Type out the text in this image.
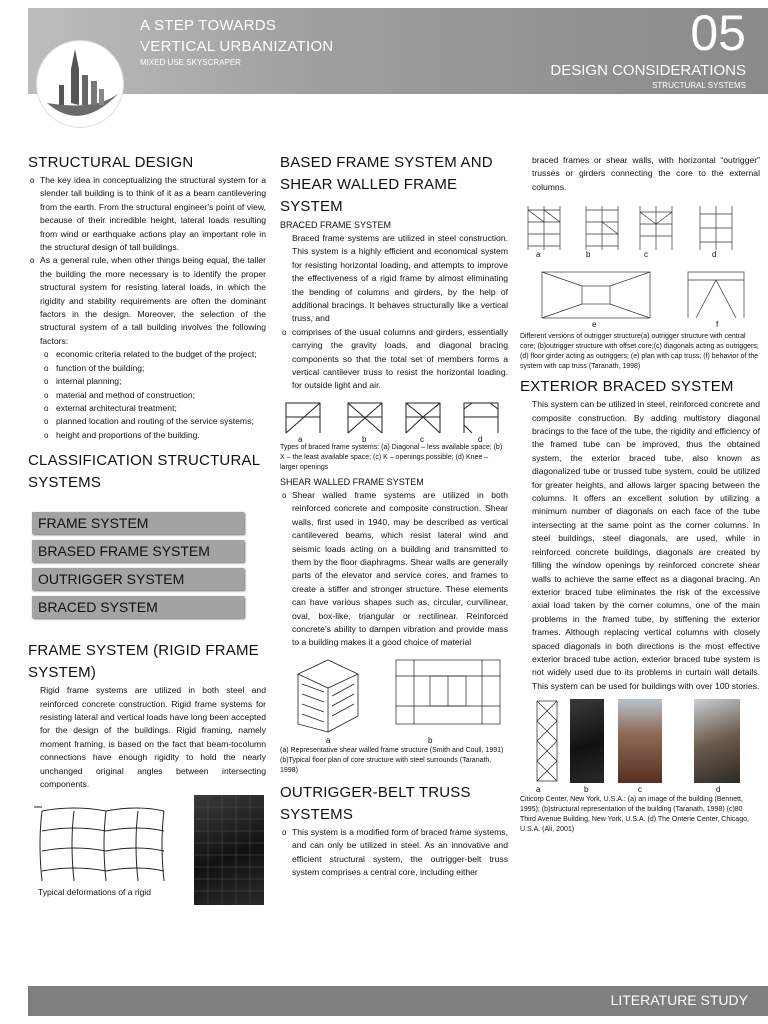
A STEP TOWARDS
VERTICAL URBANIZATION
MIXED USE SKYSCRAPER
05
DESIGN CONSIDERATIONS
STRUCTURAL SYSTEMS
STRUCTURAL DESIGN

o The key idea in conceptualizing the structural system for a slender tall building is to think of it as a beam cantilevering from the earth. From the structural engineer's point of view, because of their incredible height, lateral loads resulting from wind or earthquake actions play an important role in the structural design of tall buildings.

o As a general rule, when other things being equal, the taller the building the more necessary is to identify the proper structural system for resisting lateral loads, in which the rigidity and stability requirements are often the dominant factors in the design. Moreover, the selection of the structural system of a tall building involves the following factors:

o economic criteria related to the budget of the project;

o function of the building;

o internal planning;

o material and method of construction;

o external architectural treatment;

o planned location and routing of the service systems;

o height and proportions of the building.

CLASSIFICATION STRUCTURAL SYSTEMS
FRAME SYSTEM
BRASED FRAME SYSTEM
OUTRIGGER SYSTEM
BRACED SYSTEM
FRAME SYSTEM (RIGID FRAME SYSTEM)

Rigid frame systems are utilized in both steel and reinforced concrete construction. Rigid frame systems for resisting lateral and vertical loads have long been accepted for the design of the buildings. Rigid framing, namely moment framing, is based on the fact that beam-tocolumn connections have enough rigidity to hold the nearly unchanged original angles between intersecting components.

Typical deformations of a rigid

BASED FRAME SYSTEM AND SHEAR WALLED FRAME SYSTEM
BRACED FRAME SYSTEM

Braced frame systems are utilized in steel construction. This system is a highly efficient and economical system for resisting horizontal loading, and attempts to improve the effectiveness of a rigid frame by almost eliminating the bending of columns and girders, by the help of additional bracings. It behaves structurally like a vertical truss, and

o comprises of the usual columns and girders, essentially carrying the gravity loads, and diagonal bracing components so that the total set of members forms a vertical cantilever truss to resist the horizontal loading. for outside light and air.

a	b	c	d

Types of braced frame systems: (a) Diagonal – less available space; (b) X – the least available space; (c) K – openings possible; (d) Knee – larger openings

SHEAR WALLED FRAME SYSTEM

o Shear walled frame systems are utilized in both reinforced concrete and composite construction. Shear walls, first used in 1940, may be described as vertical cantilevered beams, which resist lateral wind and seismic loads acting on a building and transmitted to them by the floor diaphragms. Shear walls are generally parts of the elevator and service cores, and frames to create a stiffer and stronger structure. These elements can have various shapes such as, circular, curvilinear, oval, box-like, triangular or rectilinear. Reinforced concrete's ability to dampen vibration and provide mass to a building makes it a good choice of material

a	b

(a) Representative shear walled frame structure (Smith and Coull, 1991) (b)Typical floor plan of core structure with steel surrounds (Taranath, 1998)

OUTRIGGER-BELT TRUSS SYSTEMS

o This system is a modified form of braced frame systems, and can only be utilized in steel. As an innovative and efficient structural system, the outrigger-belt truss system comprises a central core, including either

braced frames or shear walls, with horizontal “outrigger” trusses or girders connecting the core to the external columns.

a	b	c	d
e	f

Different versions of outrigger structure(a) outrigger structure with central core; (b)outrigger structure with offset core;(c) diagonals acting as outriggers; (d) floor girder acting as outriggers; (e) plan with cap truss; (f) behavior of the system with cap truss (Taranath, 1998)

EXTERIOR BRACED SYSTEM

This system can be utilized in steel, reinforced concrete and composite construction. By adding multistory diagonal bracings to the face of the tube, the rigidity and efficiency of the framed tube can be improved, thus the obtained system, the exterior braced tube, also known as diagonalized tube or trussed tube system, could be utilized for greater heights, and allows larger spacing between the columns. It offers an excellent solution by utilizing a minimum number of diagonals on each face of the tube intersecting at the same point as the corner columns. In steel buildings, steel diagonals, are used, while in reinforced concrete buildings, diagonals are created by filling the window openings by reinforced concrete shear walls to achieve the same effect as a diagonal bracing. An exterior braced tube eliminates the risk of the excessive axial load taken by the corner columns, one of the main problems in the framed tube, by stiffening the exterior frames. Although replacing vertical columns with closely spaced diagonals in both directions is the most effective exterior braced tube action, exterior braced tube system is not widely used due to its problems in curtain wall details. This system can be used for buildings with over 100 stories.

a	b	c	d

Citicorp Center, New York, U.S.A.: (a) an image of the building (Bennett, 1995); (b)structural representation of the building (Taranath, 1998) (c)80 Third Avenue Building, New York, U.S.A. (d) The Onterie Center, Chicago, U.S.A. (Ali, 2001)

LITERATURE STUDY
